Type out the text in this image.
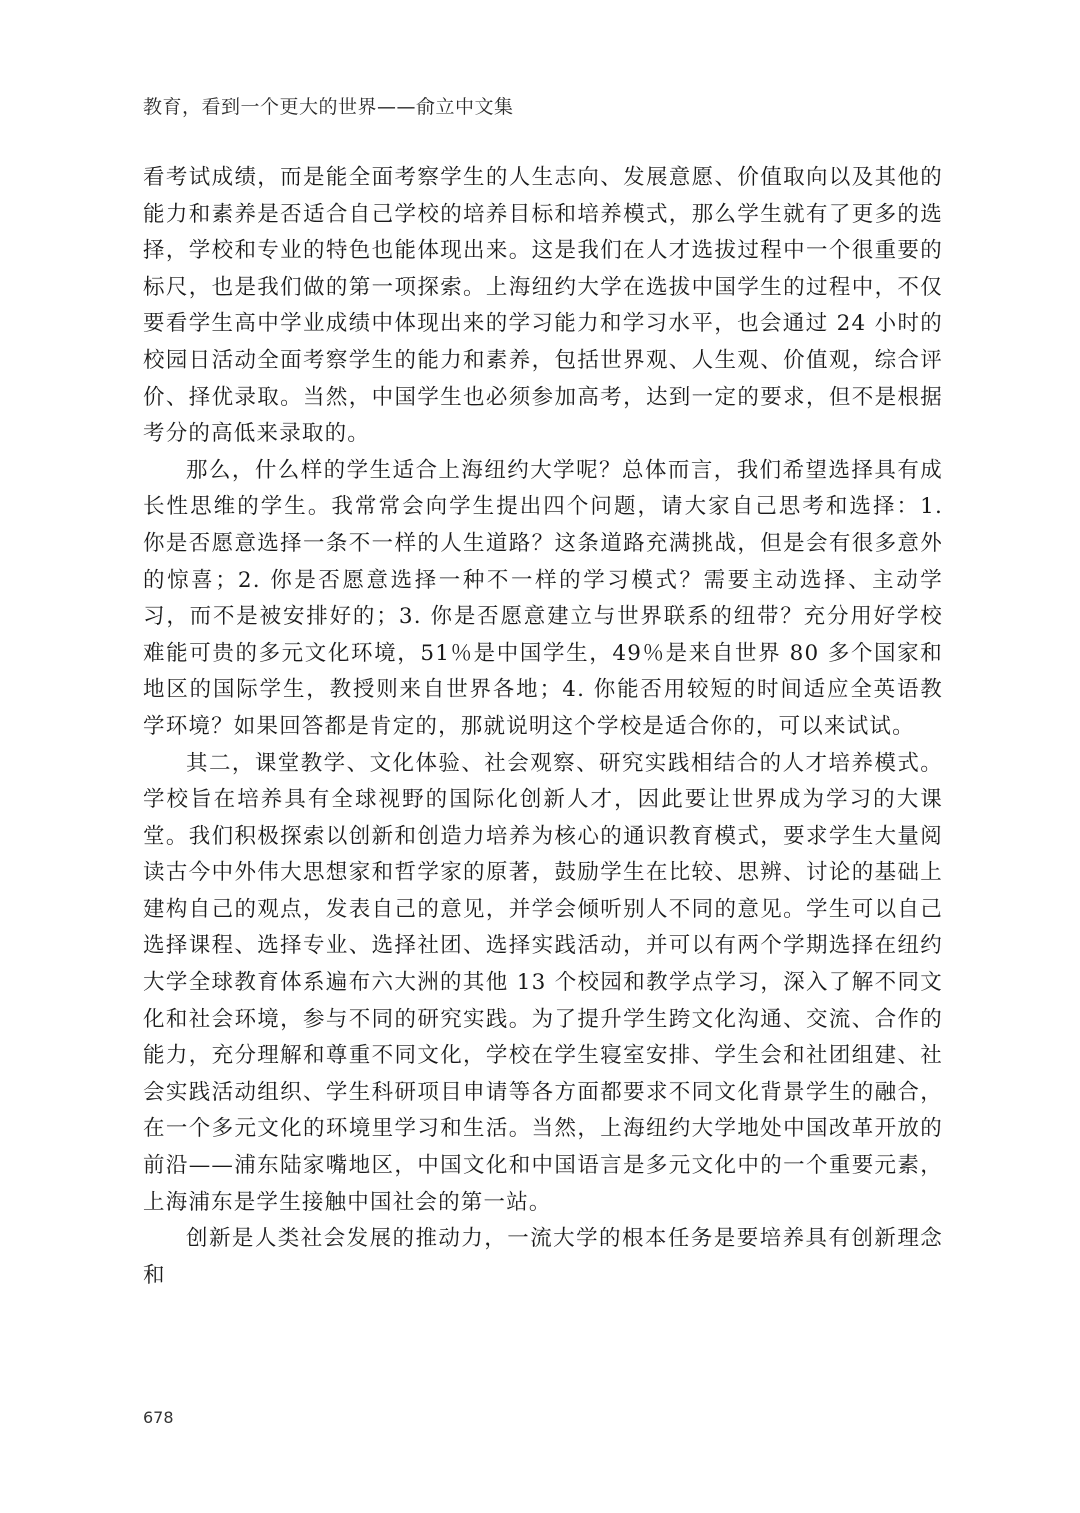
教育，看到一个更大的世界——俞立中文集

看考试成绩，而是能全面考察学生的人生志向、发展意愿、价值取向以及其他的能力和素养是否适合自己学校的培养目标和培养模式，那么学生就有了更多的选择，学校和专业的特色也能体现出来。这是我们在人才选拔过程中一个很重要的标尺，也是我们做的第一项探索。上海纽约大学在选拔中国学生的过程中，不仅要看学生高中学业成绩中体现出来的学习能力和学习水平，也会通过 24 小时的校园日活动全面考察学生的能力和素养，包括世界观、人生观、价值观，综合评价、择优录取。当然，中国学生也必须参加高考，达到一定的要求，但不是根据考分的高低来录取的。

那么，什么样的学生适合上海纽约大学呢？总体而言，我们希望选择具有成长性思维的学生。我常常会向学生提出四个问题，请大家自己思考和选择：1. 你是否愿意选择一条不一样的人生道路？这条道路充满挑战，但是会有很多意外的惊喜；2. 你是否愿意选择一种不一样的学习模式？需要主动选择、主动学习，而不是被安排好的；3. 你是否愿意建立与世界联系的纽带？充分用好学校难能可贵的多元文化环境，51％是中国学生，49％是来自世界 80 多个国家和地区的国际学生，教授则来自世界各地；4. 你能否用较短的时间适应全英语教学环境？如果回答都是肯定的，那就说明这个学校是适合你的，可以来试试。

其二，课堂教学、文化体验、社会观察、研究实践相结合的人才培养模式。学校旨在培养具有全球视野的国际化创新人才，因此要让世界成为学习的大课堂。我们积极探索以创新和创造力培养为核心的通识教育模式，要求学生大量阅读古今中外伟大思想家和哲学家的原著，鼓励学生在比较、思辨、讨论的基础上建构自己的观点，发表自己的意见，并学会倾听别人不同的意见。学生可以自己选择课程、选择专业、选择社团、选择实践活动，并可以有两个学期选择在纽约大学全球教育体系遍布六大洲的其他 13 个校园和教学点学习，深入了解不同文化和社会环境，参与不同的研究实践。为了提升学生跨文化沟通、交流、合作的能力，充分理解和尊重不同文化，学校在学生寝室安排、学生会和社团组建、社会实践活动组织、学生科研项目申请等各方面都要求不同文化背景学生的融合，在一个多元文化的环境里学习和生活。当然，上海纽约大学地处中国改革开放的前沿——浦东陆家嘴地区，中国文化和中国语言是多元文化中的一个重要元素，上海浦东是学生接触中国社会的第一站。

创新是人类社会发展的推动力，一流大学的根本任务是要培养具有创新理念和

678
